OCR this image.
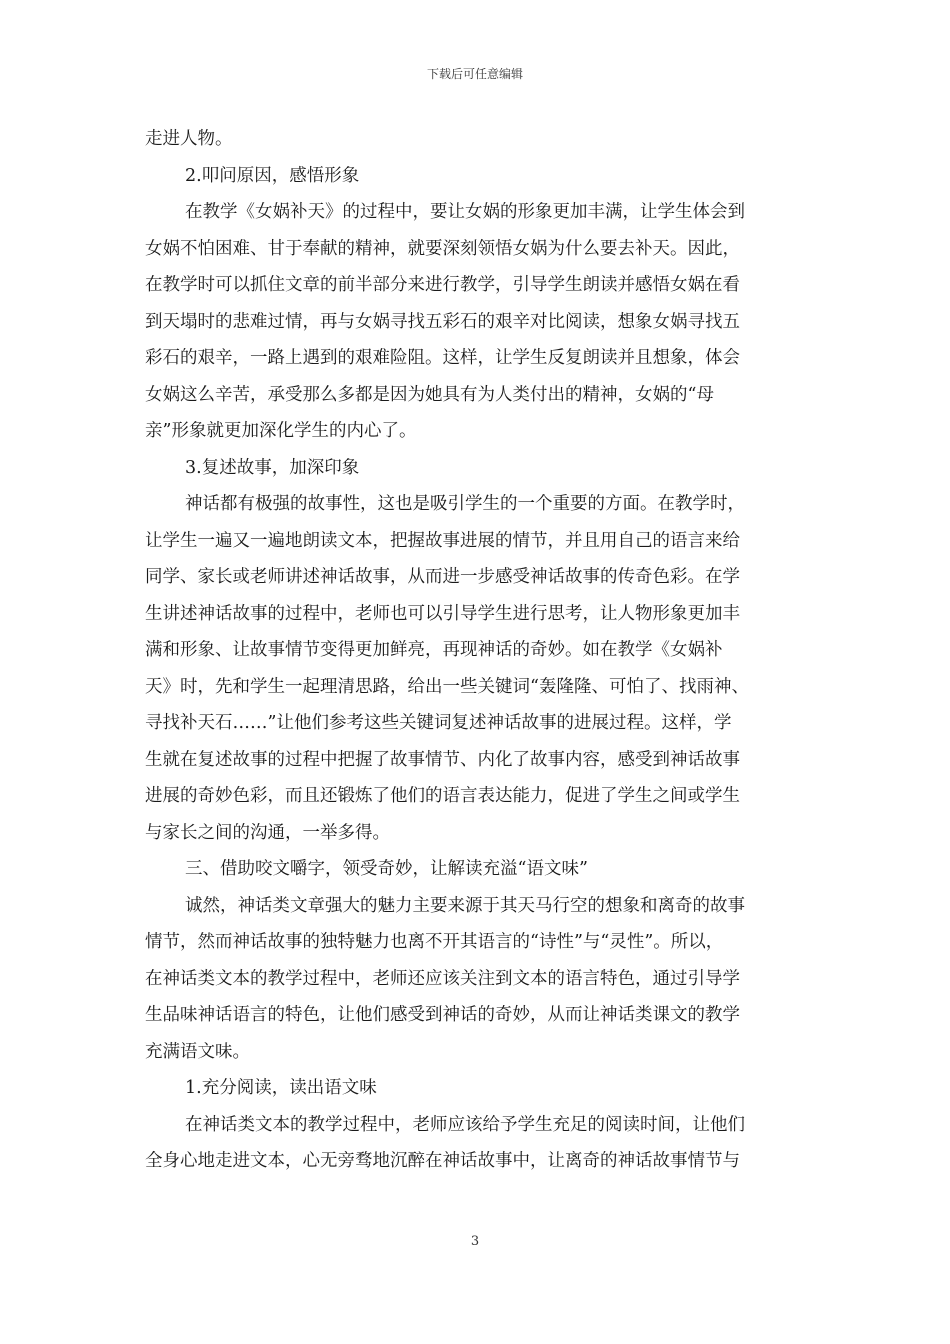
下载后可任意编辑
走进人物。
2.叩问原因，感悟形象
在教学《女娲补天》的过程中，要让女娲的形象更加丰满，让学生体会到
女娲不怕困难、甘于奉献的精神，就要深刻领悟女娲为什么要去补天。因此，
在教学时可以抓住文章的前半部分来进行教学，引导学生朗读并感悟女娲在看
到天塌时的悲难过情，再与女娲寻找五彩石的艰辛对比阅读，想象女娲寻找五
彩石的艰辛，一路上遇到的艰难险阻。这样，让学生反复朗读并且想象，体会
女娲这么辛苦，承受那么多都是因为她具有为人类付出的精神，女娲的“母
亲”形象就更加深化学生的内心了。
3.复述故事，加深印象
神话都有极强的故事性，这也是吸引学生的一个重要的方面。在教学时，
让学生一遍又一遍地朗读文本，把握故事进展的情节，并且用自己的语言来给
同学、家长或老师讲述神话故事，从而进一步感受神话故事的传奇色彩。在学
生讲述神话故事的过程中，老师也可以引导学生进行思考，让人物形象更加丰
满和形象、让故事情节变得更加鲜亮，再现神话的奇妙。如在教学《女娲补
天》时，先和学生一起理清思路，给出一些关键词“轰隆隆、可怕了、找雨神、
寻找补天石……”让他们参考这些关键词复述神话故事的进展过程。这样，学
生就在复述故事的过程中把握了故事情节、内化了故事内容，感受到神话故事
进展的奇妙色彩，而且还锻炼了他们的语言表达能力，促进了学生之间或学生
与家长之间的沟通，一举多得。
三、借助咬文嚼字，领受奇妙，让解读充溢“语文味”
诚然，神话类文章强大的魅力主要来源于其天马行空的想象和离奇的故事
情节，然而神话故事的独特魅力也离不开其语言的“诗性”与“灵性”。所以，
在神话类文本的教学过程中，老师还应该关注到文本的语言特色，通过引导学
生品味神话语言的特色，让他们感受到神话的奇妙，从而让神话类课文的教学
充满语文味。
1.充分阅读，读出语文味
在神话类文本的教学过程中，老师应该给予学生充足的阅读时间，让他们
全身心地走进文本，心无旁骛地沉醉在神话故事中，让离奇的神话故事情节与
3
